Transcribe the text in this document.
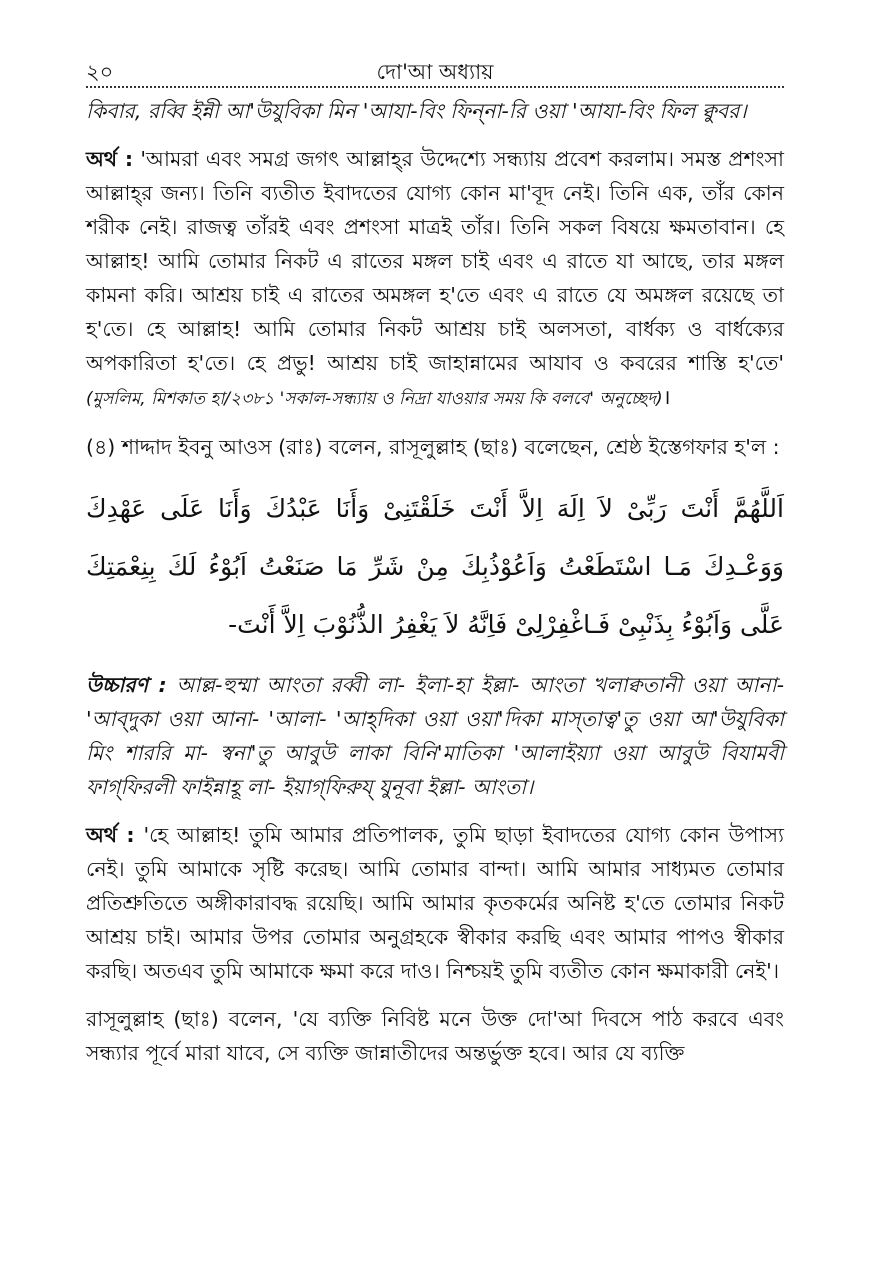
২০	দো'আ অধ্যায়

কিবার, রব্বি ইন্নী আ'উযুবিকা মিন 'আযা-বিং ফিন্‌না-রি ওয়া 'আযা-বিং ফিল ক্বুবর।

অর্থ : 'আমরা এবং সমগ্র জগৎ আল্লাহ্‌র উদ্দেশ্যে সন্ধ্যায় প্রবেশ করলাম। সমস্ত প্রশংসা আল্লাহ্‌র জন্য। তিনি ব্যতীত ইবাদতের যোগ্য কোন মা'বূদ নেই। তিনি এক, তাঁর কোন শরীক নেই। রাজত্ব তাঁরই এবং প্রশংসা মাত্রই তাঁর। তিনি সকল বিষয়ে ক্ষমতাবান। হে আল্লাহ! আমি তোমার নিকট এ রাতের মঙ্গল চাই এবং এ রাতে যা আছে, তার মঙ্গল কামনা করি। আশ্রয় চাই এ রাতের অমঙ্গল হ'তে এবং এ রাতে যে অমঙ্গল রয়েছে তা হ'তে। হে আল্লাহ! আমি তোমার নিকট আশ্রয় চাই অলসতা, বার্ধক্য ও বার্ধক্যের অপকারিতা হ'তে। হে প্রভু! আশ্রয় চাই জাহান্নামের আযাব ও কবরের শাস্তি হ'তে' (মুসলিম, মিশকাত হা/২৩৮১ 'সকাল-সন্ধ্যায় ও নিদ্রা যাওয়ার সময় কি বলবে' অনুচ্ছেদ)।

(৪) শাদ্দাদ ইবনু আওস (রাঃ) বলেন, রাসূলুল্লাহ (ছাঃ) বলেছেন, শ্রেষ্ঠ ইস্তেগফার হ'ল :

اَللَّهُمَّ أَنْتَ رَبِّىْ لاَ اِلَهَ اِلاَّ أَنْتَ خَلَقْتَنِىْ وَأَنَا عَبْدُكَ وَأَنَا عَلَى عَهْدِكَ وَوَعْـدِكَ مَـا اسْتَطَعْتُ وَاَعُوْذُبِكَ مِنْ شَرِّ مَا صَنَعْتُ اَبُوْءُ لَكَ بِنِعْمَتِكَ عَلَّى وَاَبُوْءُ بِذَنْبِىْ فَـاغْفِرْلِىْ فَاِنَّهُ لاَ يَغْفِرُ الذُّنُوْبَ اِلاَّ أَنْتَ-

উচ্চারণ : আল্ল-হুম্মা আংতা রব্বী লা- ইলা-হা ইল্লা- আংতা খলাক্বতানী ওয়া আনা- 'আব্‌দুকা ওয়া আনা- 'আলা- 'আহ্‌দিকা ওয়া ওয়া'দিকা মাস্‌তাত্ব'তু ওয়া আ'উযুবিকা মিং শাররি মা- স্বনা'তু আবুউ লাকা বিনি'মাতিকা 'আলাইয়্যা ওয়া আবুউ বিযামবী ফাগ্‌ফিরলী ফাইন্নাহূ লা- ইয়াগ্‌ফিরুয্‌ যুনূবা ইল্লা- আংতা।

অর্থ : 'হে আল্লাহ! তুমি আমার প্রতিপালক, তুমি ছাড়া ইবাদতের যোগ্য কোন উপাস্য নেই। তুমি আমাকে সৃষ্টি করেছ। আমি তোমার বান্দা। আমি আমার সাধ্যমত তোমার প্রতিশ্রুতিতে অঙ্গীকারাবদ্ধ রয়েছি। আমি আমার কৃতকর্মের অনিষ্ট হ'তে তোমার নিকট আশ্রয় চাই। আমার উপর তোমার অনুগ্রহকে স্বীকার করছি এবং আমার পাপও স্বীকার করছি। অতএব তুমি আমাকে ক্ষমা করে দাও। নিশ্চয়ই তুমি ব্যতীত কোন ক্ষমাকারী নেই'।

রাসূলুল্লাহ (ছাঃ) বলেন, 'যে ব্যক্তি নিবিষ্ট মনে উক্ত দো'আ দিবসে পাঠ করবে এবং সন্ধ্যার পূর্বে মারা যাবে, সে ব্যক্তি জান্নাতীদের অন্তর্ভুক্ত হবে। আর যে ব্যক্তি
